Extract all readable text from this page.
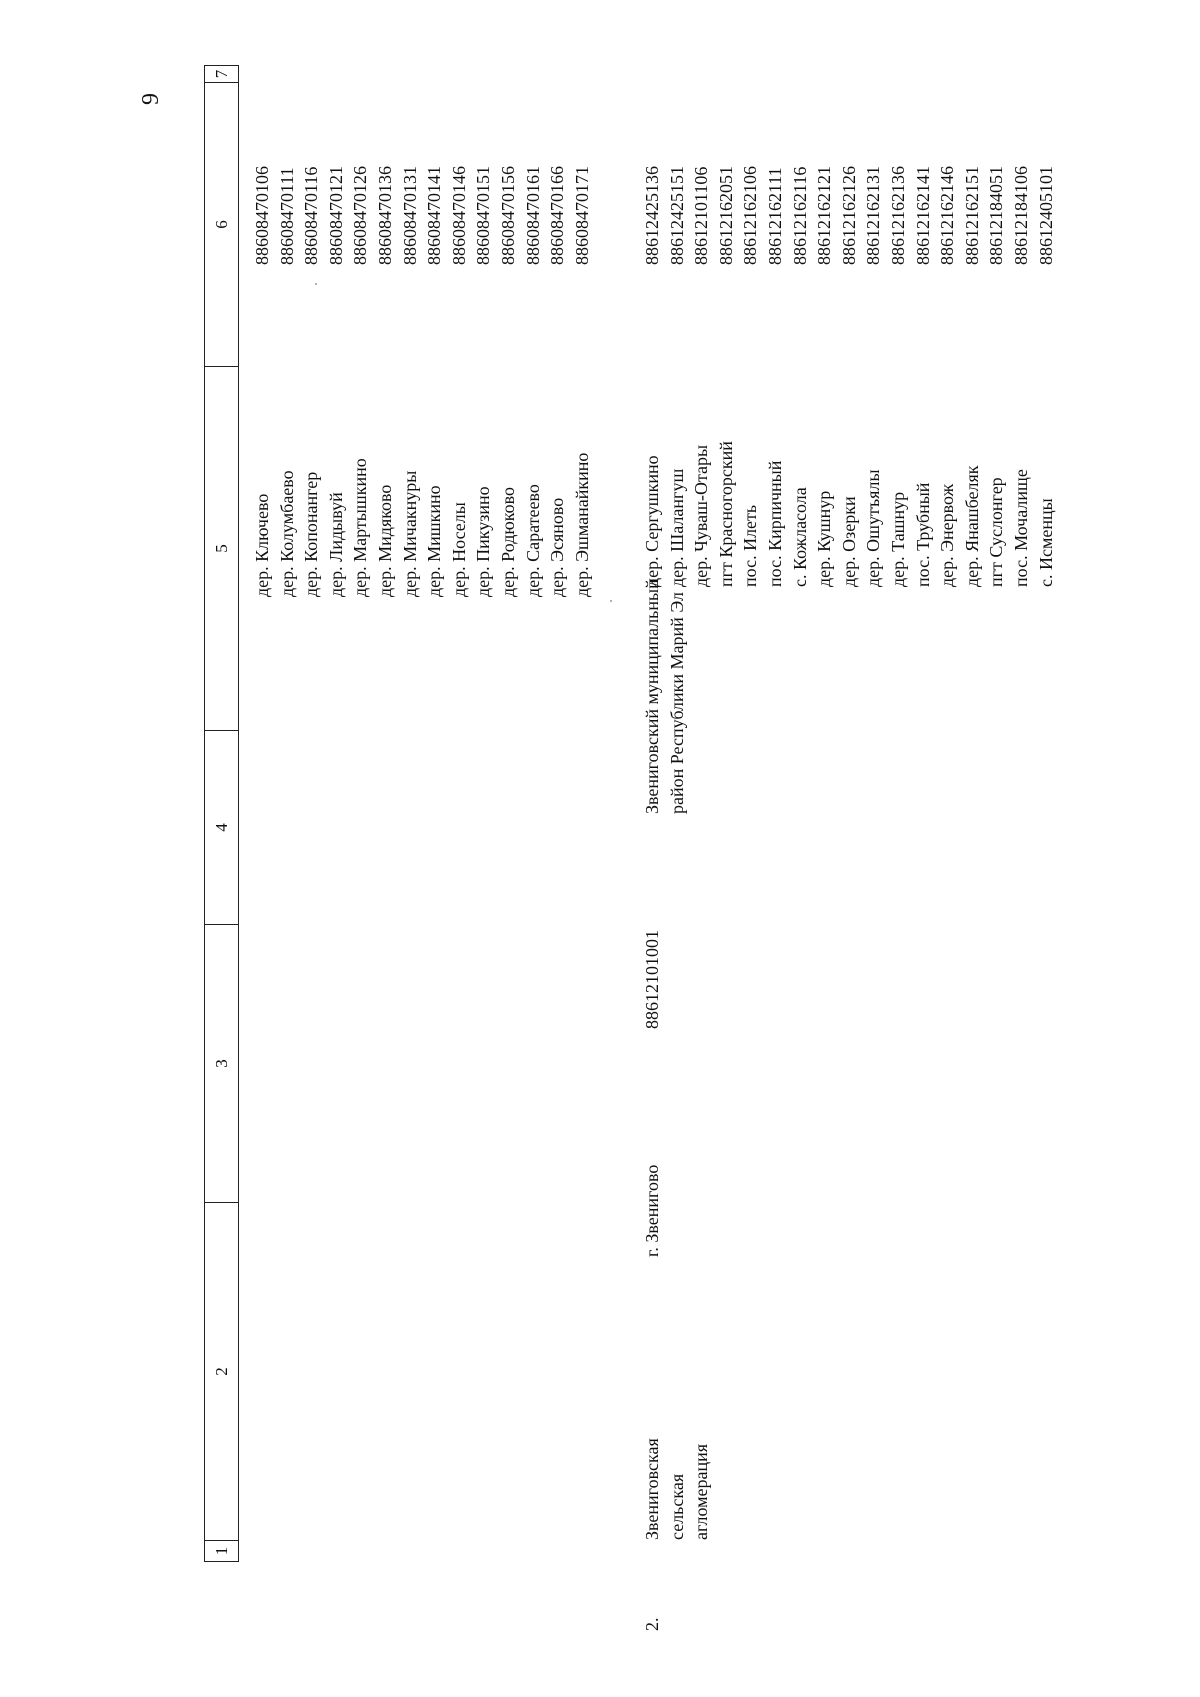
9
1
2
3
4
5
6
7
дер. Ключево дер. Колумбаево дер. Копонангер дер. Лидывуй дер. Мартышкино дер. Мидяково дер. Мичакнуры дер. Мишкино дер. Носелы дер. Пикузино дер. Родюково дер. Саратеево дер. Эсяново дер. Эшманайкино
88608470106 88608470111 88608470116 88608470121 88608470126 88608470136 88608470131 88608470141 88608470146 88608470151 88608470156 88608470161 88608470166 88608470171
2.
Звениговская сельская агломерация
г. Звенигово
88612101001
Звениговский муниципальный район Республики Марий Эл
дер. Сергушкино дер. Шалангуш дер. Чуваш-Отары пгт Красногорский пос. Илеть пос. Кирпичный с. Кожласола дер. Кушнур дер. Озерки дер. Ошутъялы дер. Ташнур пос. Трубный дер. Энервож дер. Янашбеляк пгт Суслонгер пос. Мочалище с. Исменцы
88612425136 88612425151 88612101106 88612162051 88612162106 88612162111 88612162116 88612162121 88612162126 88612162131 88612162136 88612162141 88612162146 88612162151 88612184051 88612184106 88612405101
